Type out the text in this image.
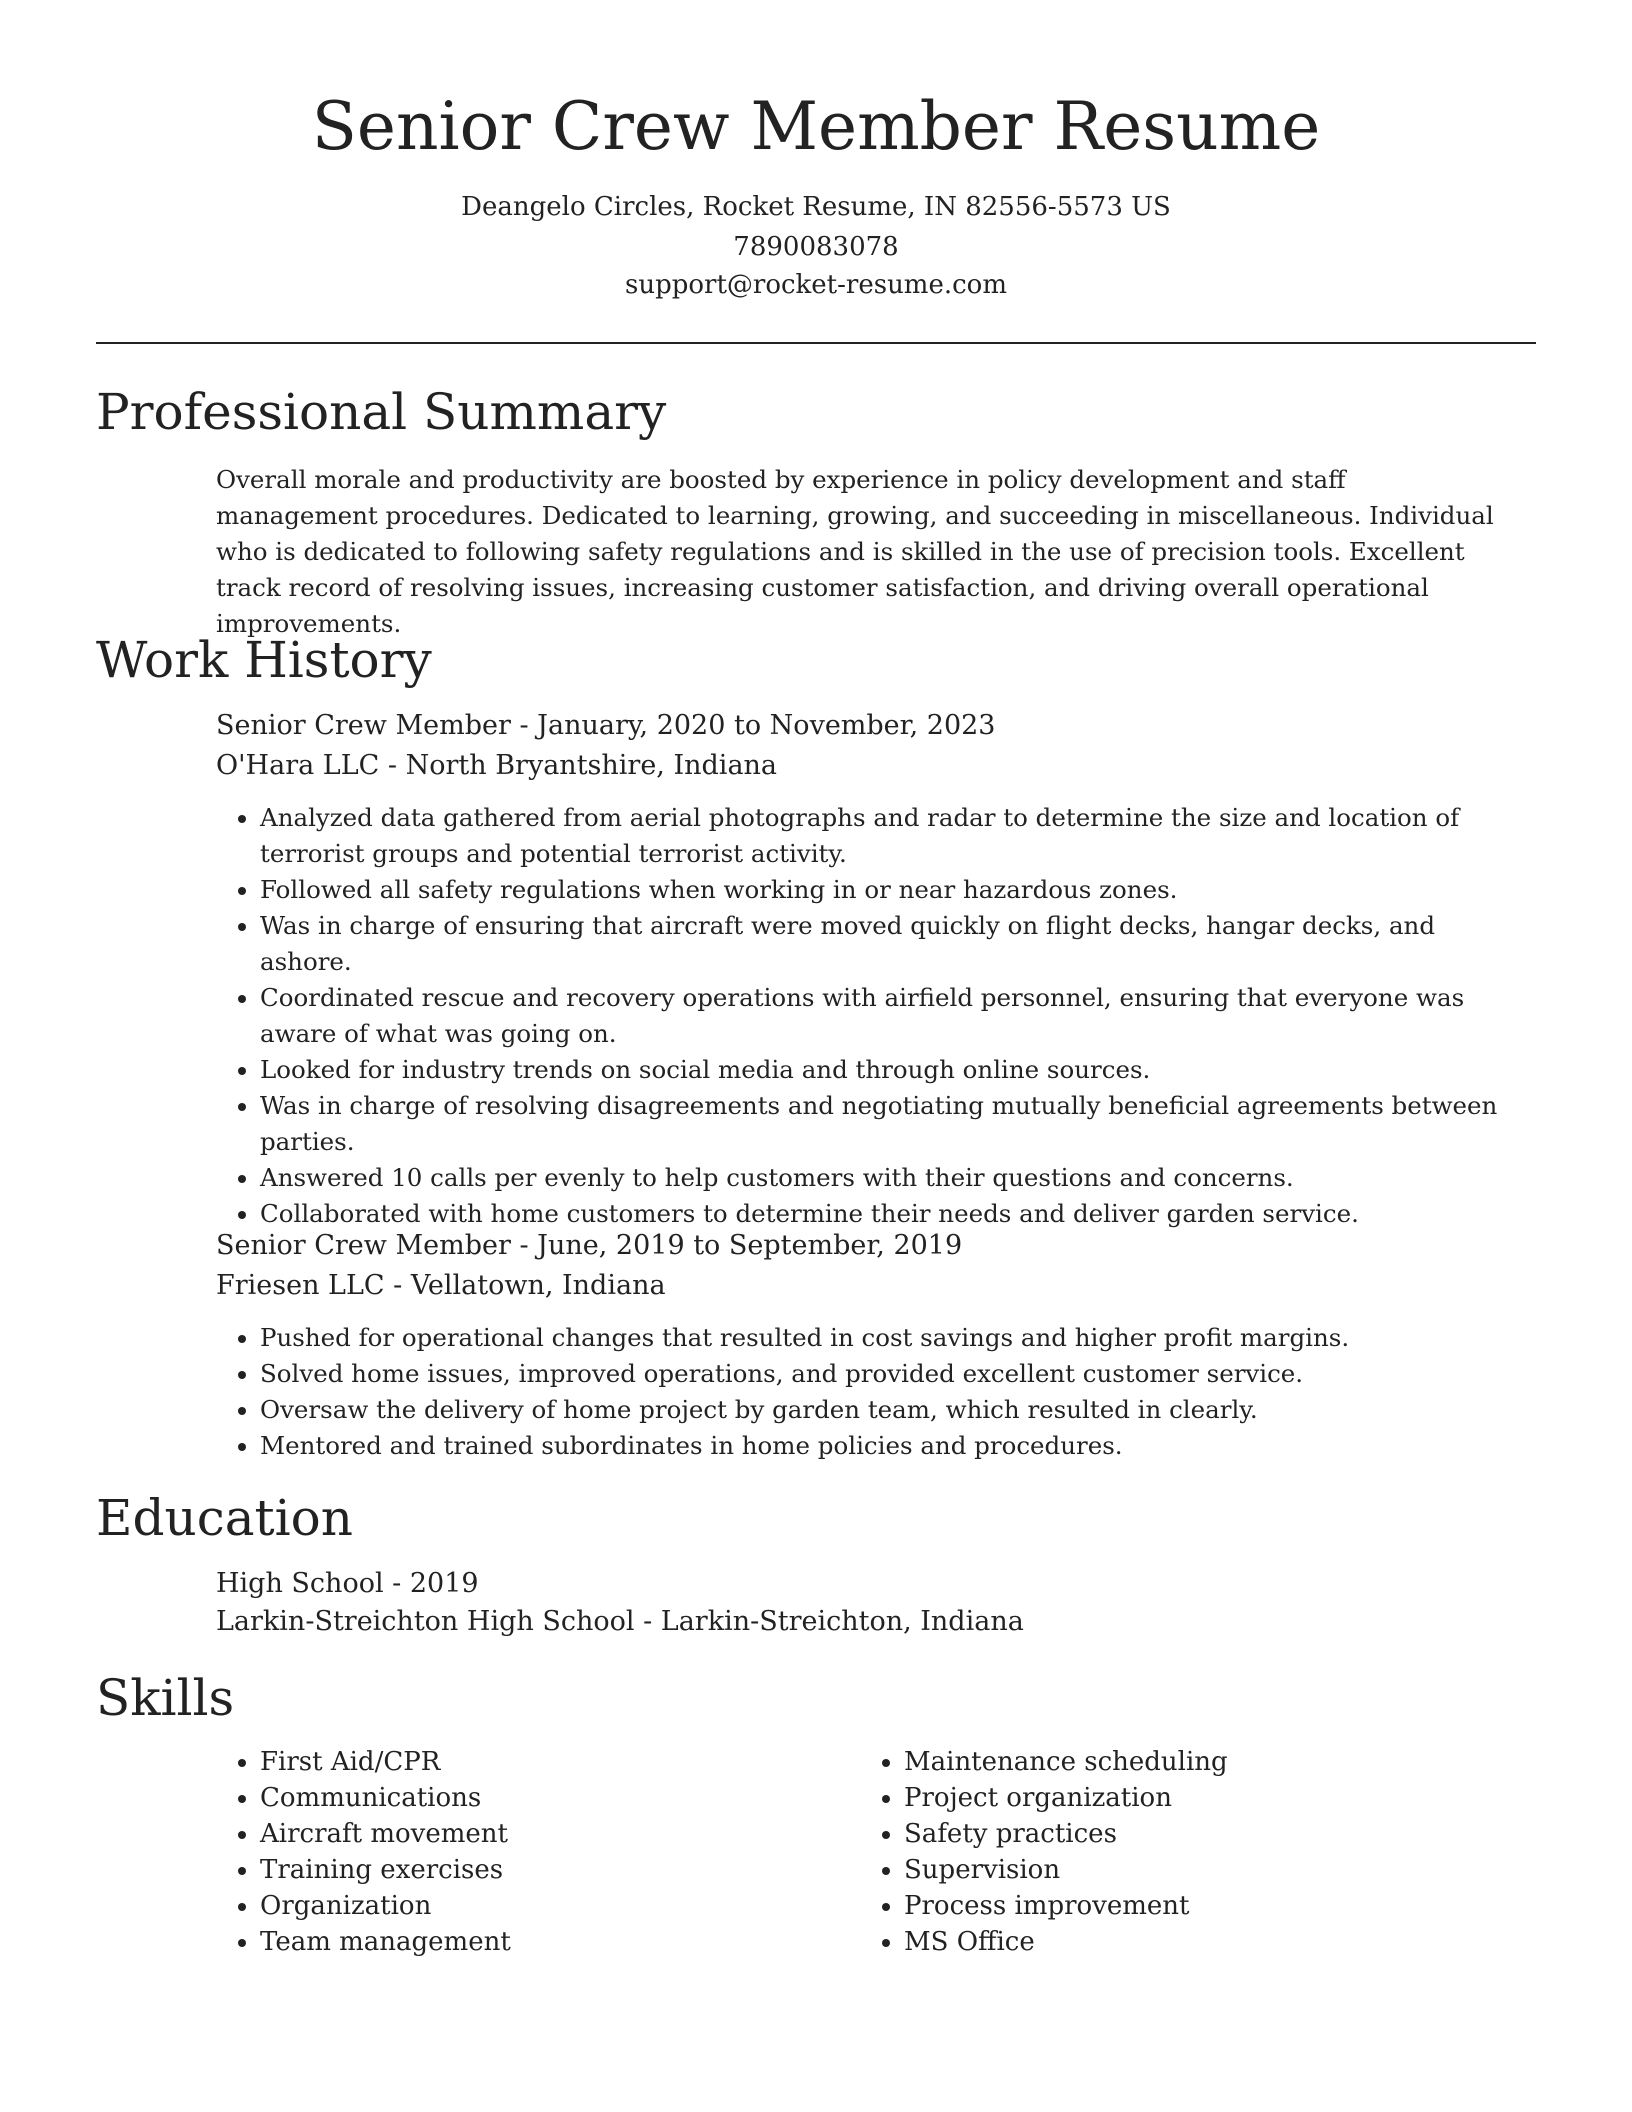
Senior Crew Member Resume
Deangelo Circles, Rocket Resume, IN 82556-5573 US
7890083078
support@rocket-resume.com
Professional Summary

Overall morale and productivity are boosted by experience in policy development and staff management procedures. Dedicated to learning, growing, and succeeding in miscellaneous. Individual who is dedicated to following safety regulations and is skilled in the use of precision tools. Excellent track record of resolving issues, increasing customer satisfaction, and driving overall operational improvements.

Work History
Senior Crew Member - January, 2020 to November, 2023
O'Hara LLC - North Bryantshire, Indiana
• Analyzed data gathered from aerial photographs and radar to determine the size and location of terrorist groups and potential terrorist activity.
• Followed all safety regulations when working in or near hazardous zones.
• Was in charge of ensuring that aircraft were moved quickly on flight decks, hangar decks, and ashore.
• Coordinated rescue and recovery operations with airfield personnel, ensuring that everyone was aware of what was going on.
• Looked for industry trends on social media and through online sources.
• Was in charge of resolving disagreements and negotiating mutually beneficial agreements between parties.
• Answered 10 calls per evenly to help customers with their questions and concerns.
• Collaborated with home customers to determine their needs and deliver garden service.
Senior Crew Member - June, 2019 to September, 2019
Friesen LLC - Vellatown, Indiana
• Pushed for operational changes that resulted in cost savings and higher profit margins.
• Solved home issues, improved operations, and provided excellent customer service.
• Oversaw the delivery of home project by garden team, which resulted in clearly.
• Mentored and trained subordinates in home policies and procedures.
Education
High School - 2019
Larkin-Streichton High School - Larkin-Streichton, Indiana
Skills
• First Aid/CPR
• Communications
• Aircraft movement
• Training exercises
• Organization
• Team management
• Maintenance scheduling
• Project organization
• Safety practices
• Supervision
• Process improvement
• MS Office
